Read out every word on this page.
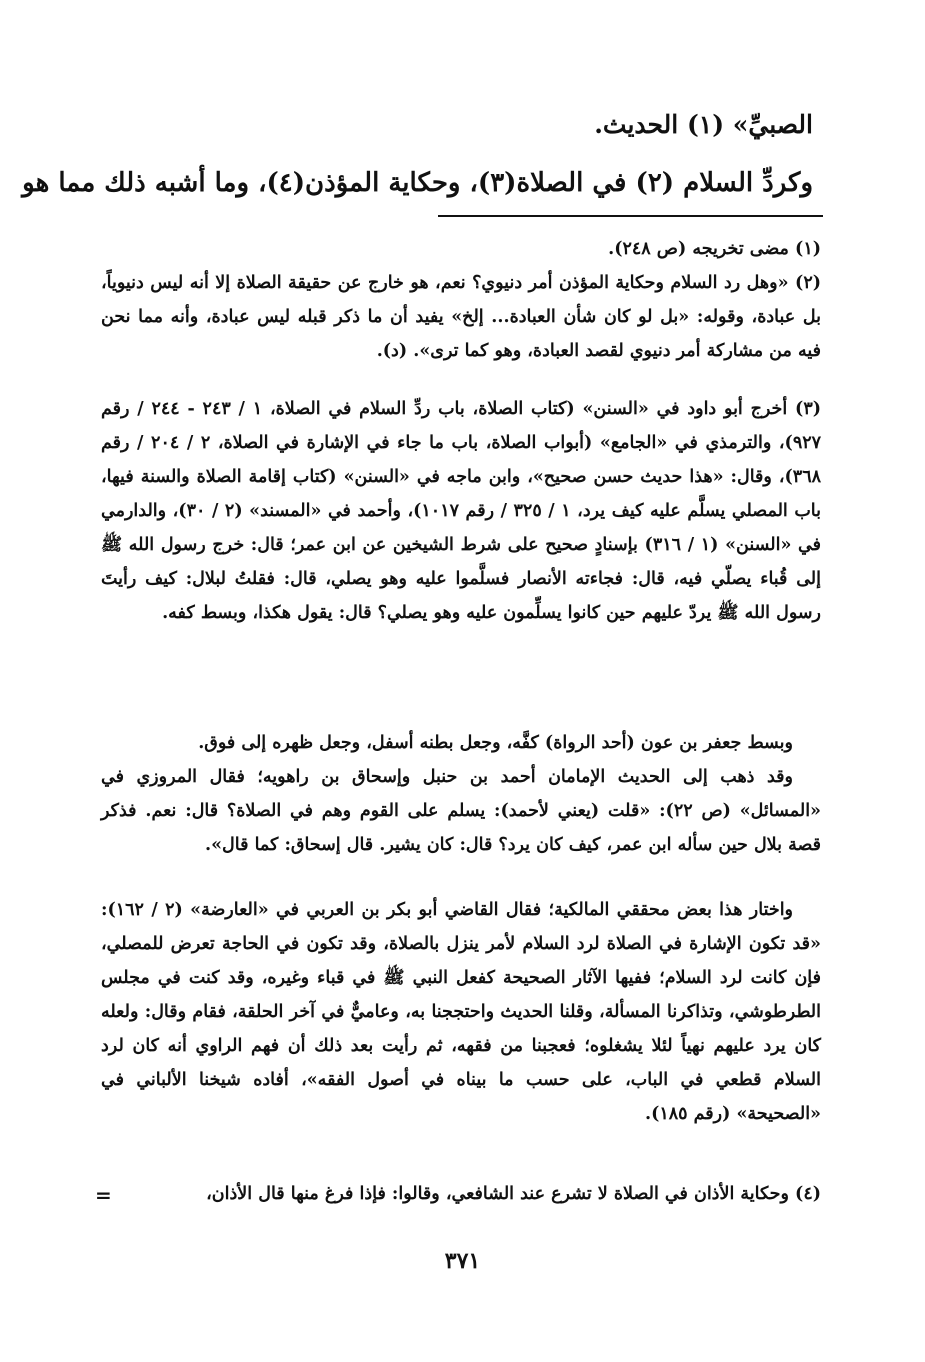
الصبيِّ» (١) الحديث.
وكردِّ السلام (٢) في الصلاة(٣)، وحكاية المؤذن(٤)، وما أشبه ذلك مما هو
(١) مضى تخريجه (ص ٢٤٨).
(٢) «وهل رد السلام وحكاية المؤذن أمر دنيوي؟ نعم، هو خارج عن حقيقة الصلاة إلا أنه ليس دنيوياً، بل عبادة، وقوله: «بل لو كان شأن العبادة... إلخ» يفيد أن ما ذكر قبله ليس عبادة، وأنه مما نحن فيه من مشاركة أمر دنيوي لقصد العبادة، وهو كما ترى». (د).
(٣) أخرج أبو داود في «السنن» (كتاب الصلاة، باب ردِّ السلام في الصلاة، ١ / ٢٤٣ - ٢٤٤ / رقم ٩٢٧)، والترمذي في «الجامع» (أبواب الصلاة، باب ما جاء في الإشارة في الصلاة، ٢ / ٢٠٤ / رقم ٣٦٨)، وقال: «هذا حديث حسن صحيح»، وابن ماجه في «السنن» (كتاب إقامة الصلاة والسنة فيها، باب المصلي يسلَّم عليه كيف يرد، ١ / ٣٢٥ / رقم ١٠١٧)، وأحمد في «المسند» (٢ / ٣٠)، والدارمي في «السنن» (١ / ٣١٦) بإسنادٍ صحيح على شرط الشيخين عن ابن عمر؛ قال: خرج رسول الله ﷺ إلى قُباء يصلّي فيه، قال: فجاءته الأنصار فسلَّموا عليه وهو يصلي، قال: فقلتُ لبلال: كيف رأيتَ رسول الله ﷺ يردّ عليهم حين كانوا يسلِّمون عليه وهو يصلي؟ قال: يقول هكذا، وبسط كفه.
وبسط جعفر بن عون (أحد الرواة) كفَّه، وجعل بطنه أسفل، وجعل ظهره إلى فوق.
وقد ذهب إلى الحديث الإمامان أحمد بن حنبل وإسحاق بن راهويه؛ فقال المروزي في «المسائل» (ص ٢٢): «قلت (يعني لأحمد): يسلم على القوم وهم في الصلاة؟ قال: نعم. فذكر قصة بلال حين سأله ابن عمر، كيف كان يرد؟ قال: كان يشير. قال إسحاق: كما قال».
واختار هذا بعض محققي المالكية؛ فقال القاضي أبو بكر بن العربي في «العارضة» (٢ / ١٦٢): «قد تكون الإشارة في الصلاة لرد السلام لأمر ينزل بالصلاة، وقد تكون في الحاجة تعرض للمصلي، فإن كانت لرد السلام؛ ففيها الآثار الصحيحة كفعل النبي ﷺ في قباء وغيره، وقد كنت في مجلس الطرطوشي، وتذاكرنا المسألة، وقلنا الحديث واحتججنا به، وعاميٌّ في آخر الحلقة، فقام وقال: ولعله كان يرد عليهم نهياً لئلا يشغلوه؛ فعجبنا من فقهه، ثم رأيت بعد ذلك أن فهم الراوي أنه كان لرد السلام قطعي في الباب، على حسب ما بيناه في أصول الفقه»، أفاده شيخنا الألباني في «الصحيحة» (رقم ١٨٥).
(٤) وحكاية الأذان في الصلاة لا تشرع عند الشافعي، وقالوا: فإذا فرغ منها قال الأذان،
=
٣٧١
